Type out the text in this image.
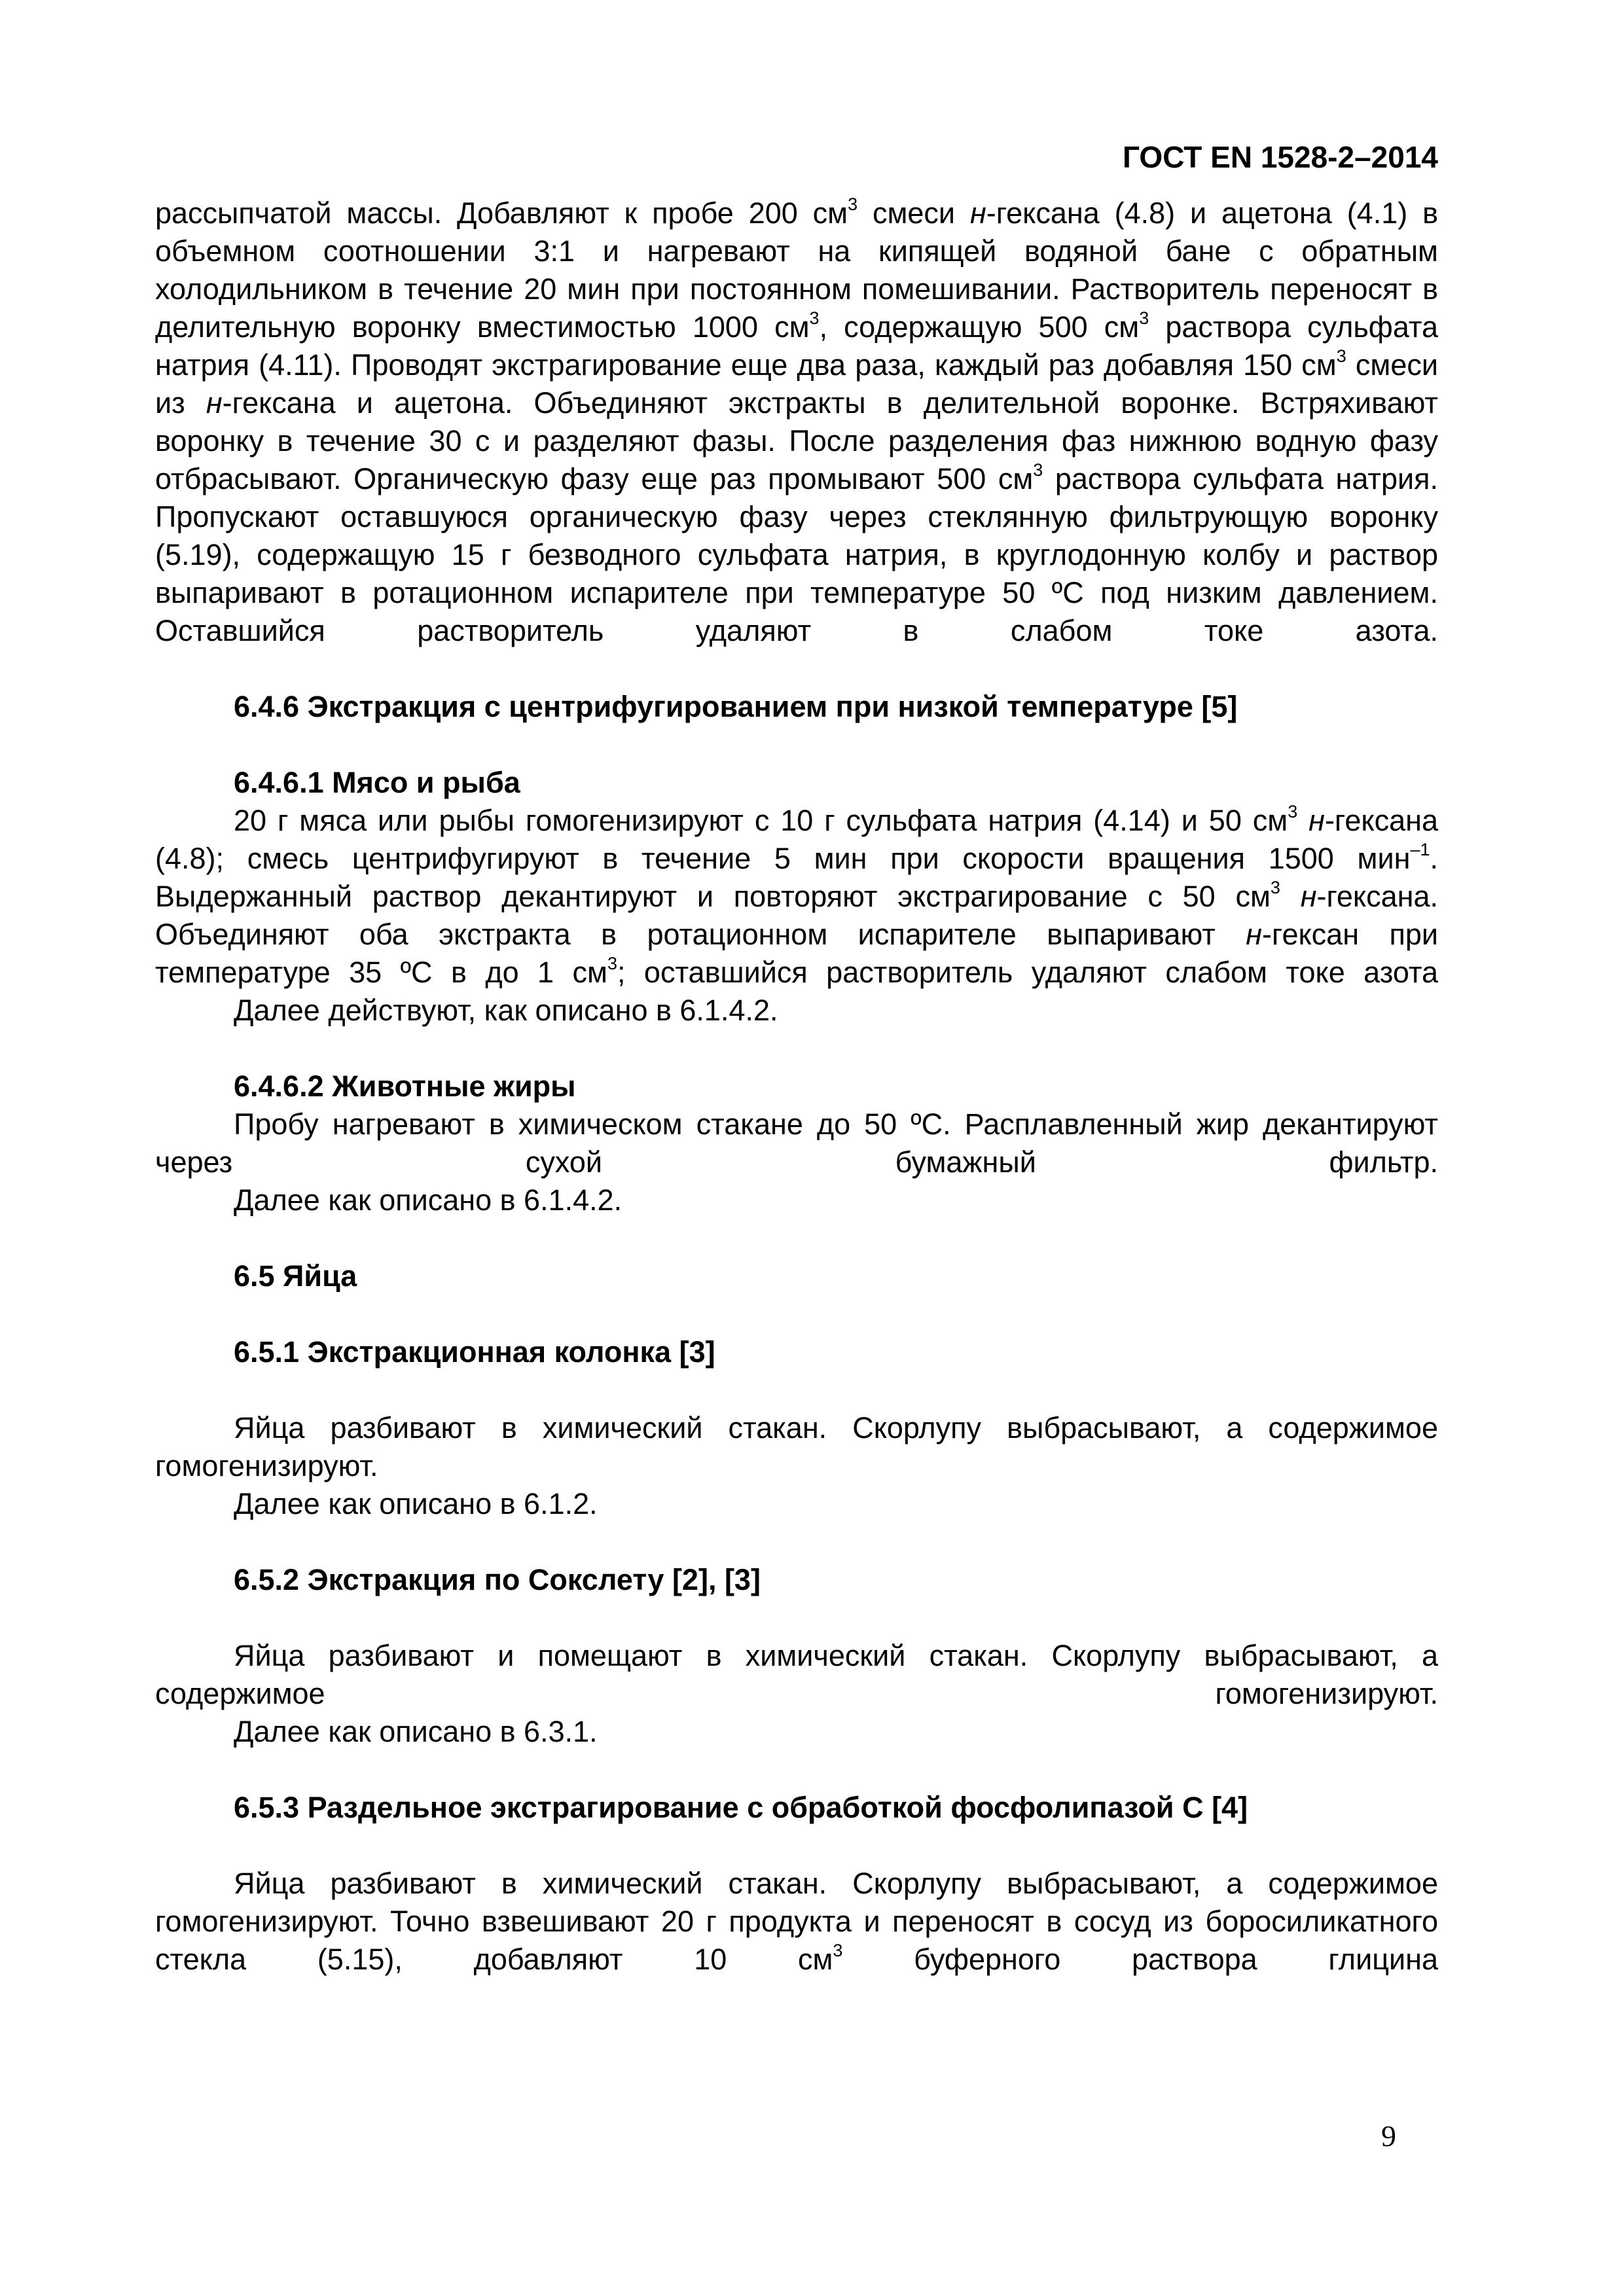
ГОСТ EN 1528-2–2014

рассыпчатой массы. Добавляют к пробе 200 $см^3$ смеси н-гексана (4.8) и ацетона (4.1) в объемном соотношении 3:1 и нагревают на кипящей водяной бане с обратным холодильником в течение 20 мин при постоянном помешивании. Растворитель переносят в делительную воронку вместимостью 1000 $см^3$, содержащую 500 $см^3$ раствора сульфата натрия (4.11). Проводят экстрагирование еще два раза, каждый раз добавляя 150 $см^3$ смеси из н-гексана и ацетона. Объединяют экстракты в делительной воронке. Встряхивают воронку в течение 30 с и разделяют фазы. После разделения фаз нижнюю водную фазу отбрасывают. Органическую фазу еще раз промывают 500 $см^3$ раствора сульфата натрия. Пропускают оставшуюся органическую фазу через стеклянную фильтрующую воронку (5.19), содержащую 15 г безводного сульфата натрия, в круглодонную колбу и раствор выпаривают в ротационном испарителе при температуре 50 ºС под низким давлением. Оставшийся растворитель удаляют в слабом токе азота.

6.4.6 Экстракция с центрифугированием при низкой температуре [5]

6.4.6.1 Мясо и рыба

20 г мяса или рыбы гомогенизируют с 10 г сульфата натрия (4.14) и 50 $см^3$ н-гексана (4.8); смесь центрифугируют в течение 5 мин при скорости вращения 1500 мин$^{-1}$. Выдержанный раствор декантируют и повторяют экстрагирование с 50 $см^3$ н-гексана. Объединяют оба экстракта в ротационном испарителе выпаривают н-гексан при температуре 35 ºС в до 1 $см^3$; оставшийся растворитель удаляют слабом токе азота

Далее действуют, как описано в 6.1.4.2.

6.4.6.2 Животные жиры

Пробу нагревают в химическом стакане до 50 ºС. Расплавленный жир декантируют через сухой бумажный фильтр.

Далее как описано в 6.1.4.2.

6.5 Яйца

6.5.1 Экстракционная колонка [3]

Яйца разбивают в химический стакан. Скорлупу выбрасывают, а содержимое гомогенизируют.

Далее как описано в 6.1.2.

6.5.2 Экстракция по Сокслету [2], [3]

Яйца разбивают и помещают в химический стакан. Скорлупу выбрасывают, а содержимое гомогенизируют.

Далее как описано в 6.3.1.

6.5.3 Раздельное экстрагирование с обработкой фосфолипазой С [4]

Яйца разбивают в химический стакан. Скорлупу выбрасывают, а содержимое гомогенизируют. Точно взвешивают 20 г продукта и переносят в сосуд из боросиликатного стекла (5.15), добавляют 10 $см^3$ буферного раствора глицина

9
